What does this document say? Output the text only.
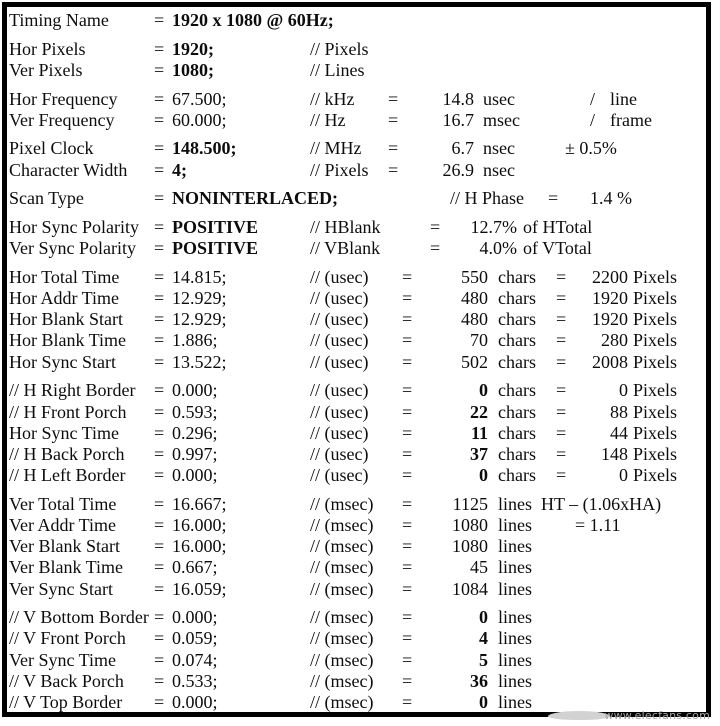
Timing Name	= 1920 x 1080 @ 60Hz;
Hor Pixels	= 1920;	// Pixels
Ver Pixels	= 1080;	// Lines
Hor Frequency = 67.500;	// kHz = 14.8 usec	/ line
Ver Frequency = 60.000;	// Hz = 16.7 msec	/ frame
Pixel Clock	= 148.500;	// MHz =	6.7 nsec	± 0.5%
Character Width = 4;	// Pixels = 26.9 nsec
Scan Type	= NONINTERLACED;	// H Phase = 1.4 %
Hor Sync Polarity = POSITIVE	// HBlank	= 12.7% of HTotal
Ver Sync Polarity = POSITIVE	// VBlank	= 4.0% of VTotal
Hor Total Time = 14.815;	// (usec) =	550 chars = 2200 Pixels
Hor Addr Time = 12.929;	// (usec) =	480 chars = 1920 Pixels
Hor Blank Start = 12.929;	// (usec) =	480 chars = 1920 Pixels
Hor Blank Time = 1.886;	// (usec) =	70 chars = 280 Pixels
Hor Sync Start = 13.522;	// (usec) =	502 chars = 2008 Pixels
// H Right Border = 0.000;	// (usec) =	0 chars =	0 Pixels
// H Front Porch = 0.593;	// (usec) =	22 chars = 88 Pixels
Hor Sync Time = 0.296;	// (usec) =	11 chars = 44 Pixels
// H Back Porch = 0.997;	// (usec) =	37 chars = 148 Pixels
// H Left Border = 0.000;	// (usec) =	0 chars =	0 Pixels
Ver Total Time = 16.667;	// (msec) = 1125 lines HT – (1.06xHA)
Ver Addr Time = 16.000;	// (msec) = 1080 lines = 1.11
Ver Blank Start = 16.000;	// (msec) = 1080 lines
Ver Blank Time = 0.667;	// (msec) =	45 lines
Ver Sync Start = 16.059;	// (msec) = 1084 lines
// V Bottom Border = 0.000;	// (msec) =	0 lines
// V Front Porch = 0.059;	// (msec) =	4 lines
Ver Sync Time = 0.074;	// (msec) =	5 lines
// V Back Porch = 0.533;	// (msec) =	36 lines
// V Top Border = 0.000;	// (msec) =	0 lines
www.elecfans.com
